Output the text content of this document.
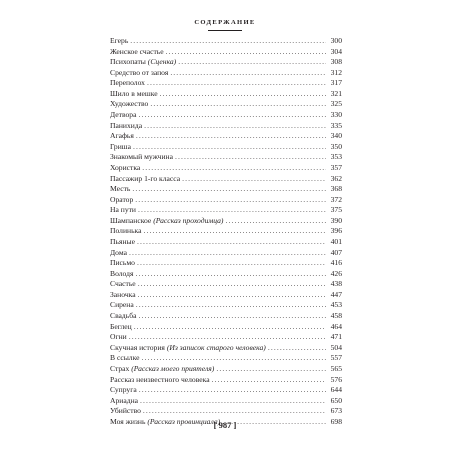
СОДЕРЖАНИЕ
Егерь .....	300
Женское счастье .....	304
Психопаты (Сценка) .....	308
Средство от запоя .....	312
Переполох .....	317
Шило в мешке .....	321
Художество .....	325
Детвора .....	330
Панихида .....	335
Агафья .....	340
Гриша .....	350
Знакомый мужчина .....	353
Хористка .....	357
Пассажир 1-го класса .....	362
Месть .....	368
Оратор .....	372
На пути .....	375
Шампанское (Рассказ проходимца) .....	390
Полинька .....	396
Пьяные .....	401
Дома .....	407
Письмо .....	416
Володя .....	426
Счастье .....	438
Заночка .....	447
Сирена .....	453
Свадьба .....	458
Беглец .....	464
Огни .....	471
Скучная история (Из записок старого человека) .....	504
В ссылке .....	557
Страх (Рассказ моего приятеля) .....	565
Рассказ неизвестного человека .....	576
Супруга .....	644
Ариадна .....	650
Убийство .....	673
Моя жизнь (Рассказ провинциала) .....	698
[ 987 ]
